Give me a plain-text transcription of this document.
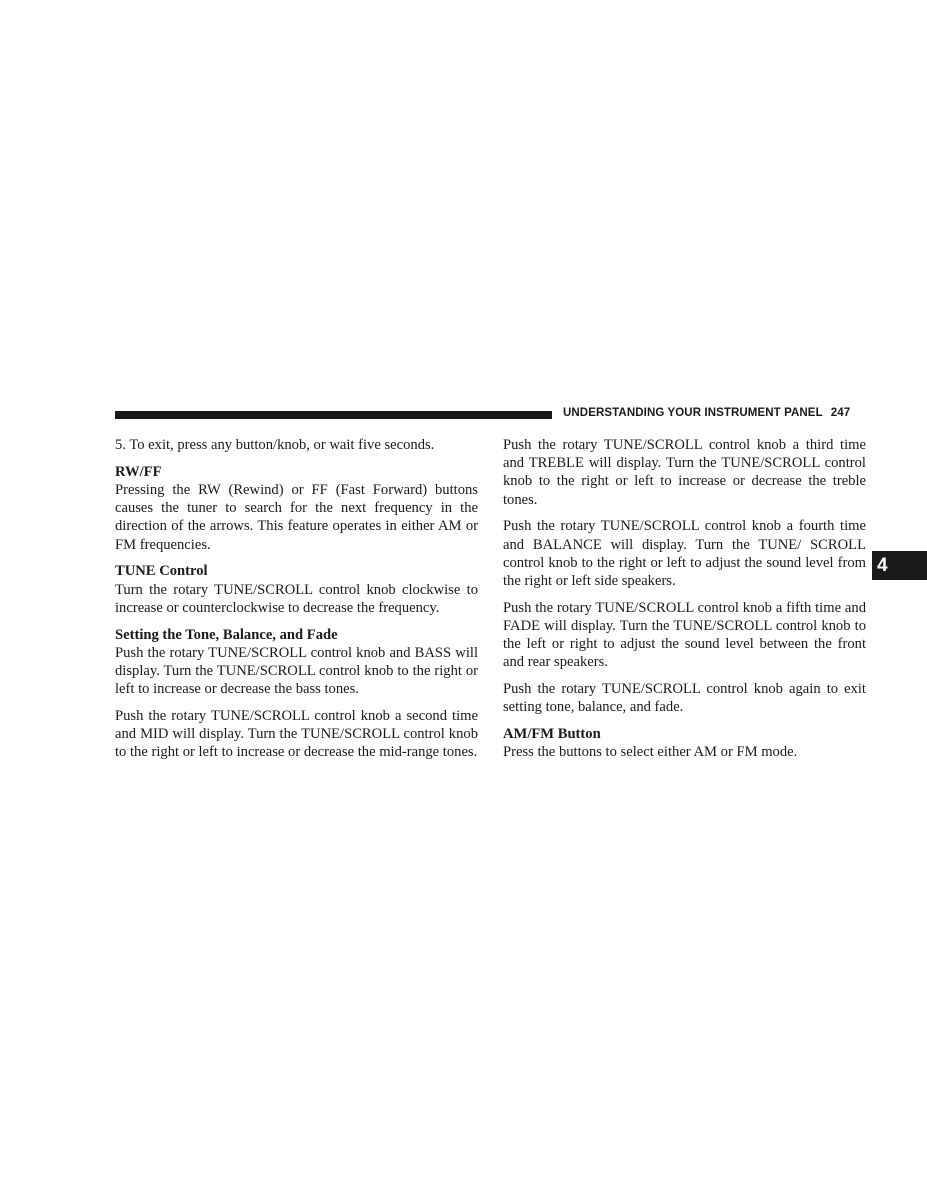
UNDERSTANDING YOUR INSTRUMENT PANEL 247
4

5. To exit, press any button/knob, or wait five seconds.

RW/FF

Pressing the RW (Rewind) or FF (Fast Forward) buttons causes the tuner to search for the next frequency in the direction of the arrows. This feature operates in either AM or FM frequencies.

TUNE Control

Turn the rotary TUNE/SCROLL control knob clockwise to increase or counterclockwise to decrease the frequency.

Setting the Tone, Balance, and Fade

Push the rotary TUNE/SCROLL control knob and BASS will display. Turn the TUNE/SCROLL control knob to the right or left to increase or decrease the bass tones.

Push the rotary TUNE/SCROLL control knob a second time and MID will display. Turn the TUNE/SCROLL control knob to the right or left to increase or decrease the mid-range tones.

Push the rotary TUNE/SCROLL control knob a third time and TREBLE will display. Turn the TUNE/SCROLL control knob to the right or left to increase or decrease the treble tones.

Push the rotary TUNE/SCROLL control knob a fourth time and BALANCE will display. Turn the TUNE/ SCROLL control knob to the right or left to adjust the sound level from the right or left side speakers.

Push the rotary TUNE/SCROLL control knob a fifth time and FADE will display. Turn the TUNE/SCROLL control knob to the left or right to adjust the sound level between the front and rear speakers.

Push the rotary TUNE/SCROLL control knob again to exit setting tone, balance, and fade.

AM/FM Button

Press the buttons to select either AM or FM mode.
